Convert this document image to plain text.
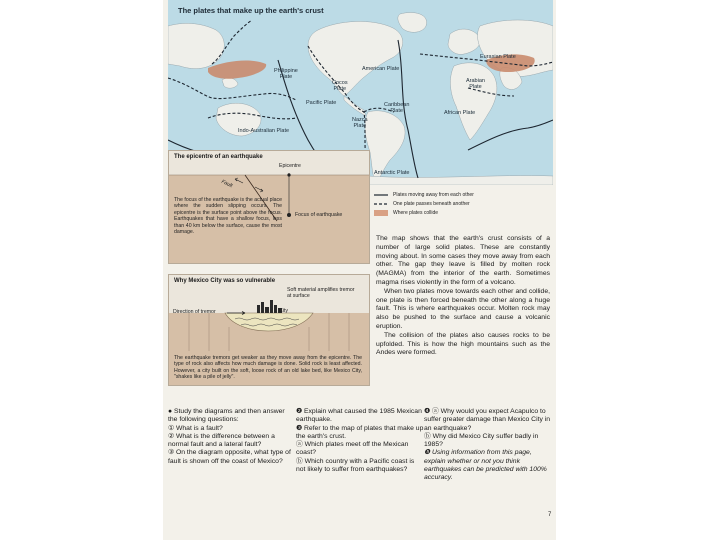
The plates that make up the earth's crust
Eurasian Plate
Philippine
Plate
American Plate
Cocos
Plate
Arabian
Plate
Pacific Plate	Caribbean
Plate	African Plate
Indo-Australian Plate
Nazca
Plate
Antarctic Plate
Plates moving away from each other
One plate passes beneath another
Where plates collide
The epicentre of an earthquake
Epicentre
Fault
Focus of earthquake
The focus of the earthquake is the actual place where the sudden slipping occurs. The epicentre is the surface point above the focus. Earthquakes that have a shallow focus, less than 40 km below the surface, cause the most damage.
Why Mexico City was so vulnerable
Soft material amplifies tremor at surface
City
Direction of tremor
The earthquake tremors get weaker as they move away from the epicentre. The type of rock also affects how much damage is done. Solid rock is least affected. However, a city built on the soft, loose rock of an old lake bed, like Mexico City, "shakes like a pile of jelly".

The map shows that the earth's crust consists of a number of large solid plates. These are constantly moving about. In some cases they move away from each other. The gap they leave is filled by molten rock (MAGMA) from the interior of the earth. Sometimes magma rises violently in the form of a volcano.

When two plates move towards each other and collide, one plate is then forced beneath the other along a huge fault. This is where earthquakes occur. Molten rock may also be pushed to the surface and cause a volcanic eruption.

The collision of the plates also causes rocks to be upfolded. This is how the high mountains such as the Andes were formed.

● Study the diagrams and then answer the following questions:

① What is a fault?

② What is the difference between a normal fault and a lateral fault?

③ On the diagram opposite, what type of fault is shown off the coast of Mexico?

❷ Explain what caused the 1985 Mexican earthquake.

❸ Refer to the map of plates that make up the earth's crust.

ⓐ Which plates meet off the Mexican coast?

ⓑ Which country with a Pacific coast is not likely to suffer from earthquakes?

❹ ⓐ Why would you expect Acapulco to suffer greater damage than Mexico City in an earthquake?

ⓑ Why did Mexico City suffer badly in 1985?

❺ Using information from this page, explain whether or not you think earthquakes can be predicted with 100% accuracy.

7
